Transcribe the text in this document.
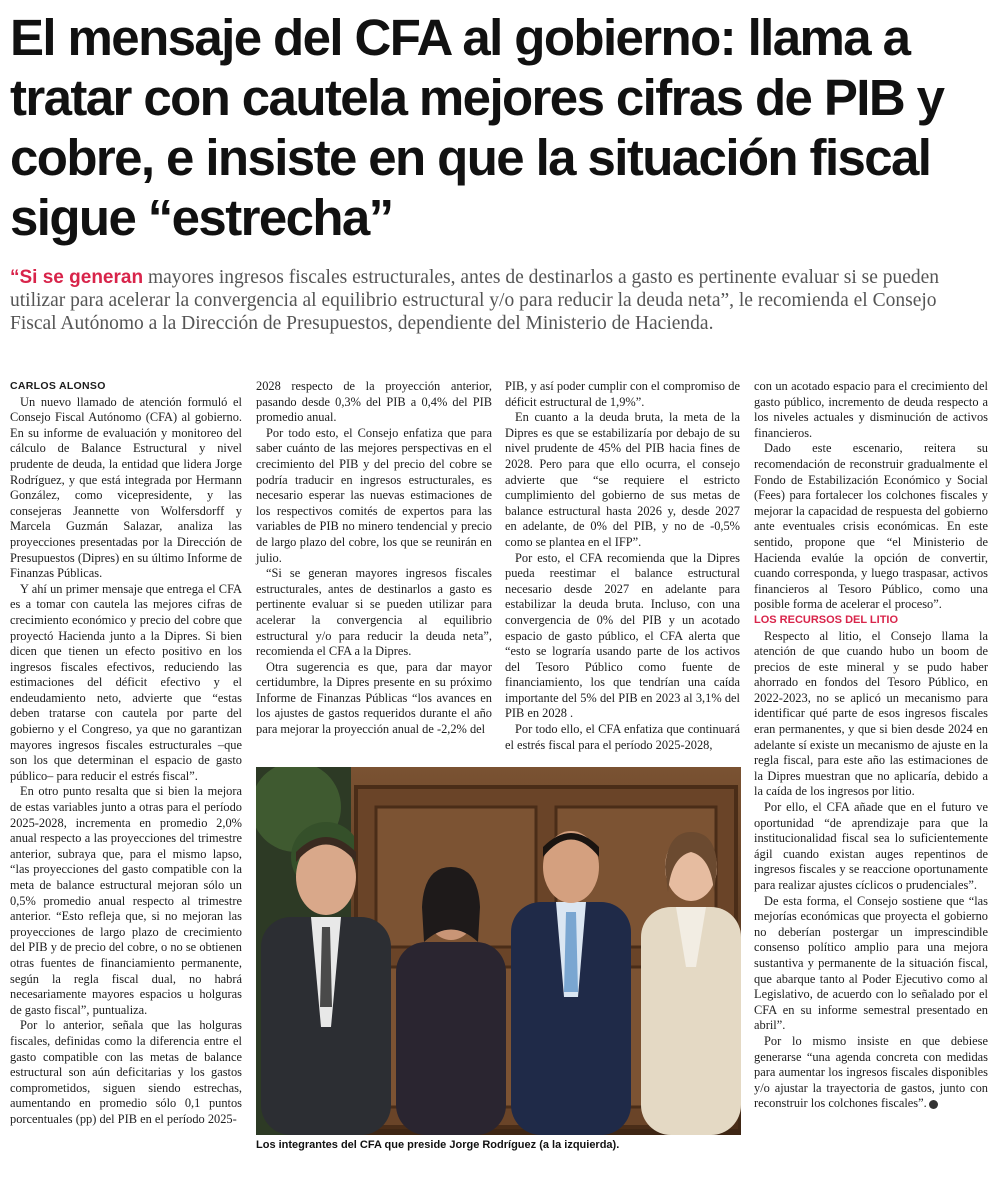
El mensaje del CFA al gobierno: llama a tratar con cautela mejores cifras de PIB y cobre, e insiste en que la situación fiscal sigue “estrecha”

“Si se generan mayores ingresos fiscales estructurales, antes de destinarlos a gasto es pertinente evaluar si se pueden utilizar para acelerar la convergencia al equilibrio estructural y/o para reducir la deuda neta”, le recomienda el Consejo Fiscal Autónomo a la Dirección de Presupuestos, dependiente del Ministerio de Hacienda.

CARLOS ALONSO

Un nuevo llamado de atención formuló el Consejo Fiscal Autónomo (CFA) al gobierno. En su informe de evaluación y monitoreo del cálculo de Balance Estructural y nivel prudente de deuda, la entidad que lidera Jorge Rodríguez, y que está integrada por Hermann González, como vicepresidente, y las consejeras Jeannette von Wolfersdorff y Marcela Guzmán Salazar, analiza las proyecciones presentadas por la Dirección de Presupuestos (Dipres) en su último Informe de Finanzas Públicas.

Y ahí un primer mensaje que entrega el CFA es a tomar con cautela las mejores cifras de crecimiento económico y precio del cobre que proyectó Hacienda junto a la Dipres. Si bien dicen que tienen un efecto positivo en los ingresos fiscales efectivos, reduciendo las estimaciones del déficit efectivo y el endeudamiento neto, advierte que “estas deben tratarse con cautela por parte del gobierno y el Congreso, ya que no garantizan mayores ingresos fiscales estructurales –que son los que determinan el espacio de gasto público– para reducir el estrés fiscal”.

En otro punto resalta que si bien la mejora de estas variables junto a otras para el período 2025-2028, incrementa en promedio 2,0% anual respecto a las proyecciones del trimestre anterior, subraya que, para el mismo lapso, “las proyecciones del gasto compatible con la meta de balance estructural mejoran sólo un 0,5% promedio anual respecto al trimestre anterior. “Esto refleja que, si no mejoran las proyecciones de largo plazo de crecimiento del PIB y de precio del cobre, o no se obtienen otras fuentes de financiamiento permanente, según la regla fiscal dual, no habrá necesariamente mayores espacios u holguras de gasto fiscal”, puntualiza.

Por lo anterior, señala que las holguras fiscales, definidas como la diferencia entre el gasto compatible con las metas de balance estructural son aún deficitarias y los gastos comprometidos, siguen siendo estrechas, aumentando en promedio sólo 0,1 puntos porcentuales (pp) del PIB en el período 2025-

2028 respecto de la proyección anterior, pasando desde 0,3% del PIB a 0,4% del PIB promedio anual.

Por todo esto, el Consejo enfatiza que para saber cuánto de las mejores perspectivas en el crecimiento del PIB y del precio del cobre se podría traducir en ingresos estructurales, es necesario esperar las nuevas estimaciones de los respectivos comités de expertos para las variables de PIB no minero tendencial y precio de largo plazo del cobre, los que se reunirán en julio.

“Si se generan mayores ingresos fiscales estructurales, antes de destinarlos a gasto es pertinente evaluar si se pueden utilizar para acelerar la convergencia al equilibrio estructural y/o para reducir la deuda neta”, recomienda el CFA a la Dipres.

Otra sugerencia es que, para dar mayor certidumbre, la Dipres presente en su próximo Informe de Finanzas Públicas “los avances en los ajustes de gastos requeridos durante el año para mejorar la proyección anual de -2,2% del

PIB, y así poder cumplir con el compromiso de déficit estructural de 1,9%”.

En cuanto a la deuda bruta, la meta de la Dipres es que se estabilizaría por debajo de su nivel prudente de 45% del PIB hacia fines de 2028. Pero para que ello ocurra, el consejo advierte que “se requiere el estricto cumplimiento del gobierno de sus metas de balance estructural hasta 2026 y, desde 2027 en adelante, de 0% del PIB, y no de -0,5% como se plantea en el IFP”.

Por esto, el CFA recomienda que la Dipres pueda reestimar el balance estructural necesario desde 2027 en adelante para estabilizar la deuda bruta. Incluso, con una convergencia de 0% del PIB y un acotado espacio de gasto público, el CFA alerta que “esto se lograría usando parte de los activos del Tesoro Público como fuente de financiamiento, los que tendrían una caída importante del 5% del PIB en 2023 al 3,1% del PIB en 2028 .

Por todo ello, el CFA enfatiza que continuará el estrés fiscal para el período 2025-2028,

con un acotado espacio para el crecimiento del gasto público, incremento de deuda respecto a los niveles actuales y disminución de activos financieros.

Dado este escenario, reitera su recomendación de reconstruir gradualmente el Fondo de Estabilización Económico y Social (Fees) para fortalecer los colchones fiscales y mejorar la capacidad de respuesta del gobierno ante eventuales crisis económicas. En este sentido, propone que “el Ministerio de Hacienda evalúe la opción de convertir, cuando corresponda, y luego traspasar, activos financieros al Tesoro Público, como una posible forma de acelerar el proceso”.

LOS RECURSOS DEL LITIO

Respecto al litio, el Consejo llama la atención de que cuando hubo un boom de precios de este mineral y se pudo haber ahorrado en fondos del Tesoro Público, en 2022-2023, no se aplicó un mecanismo para identificar qué parte de esos ingresos fiscales eran permanentes, y que si bien desde 2024 en adelante sí existe un mecanismo de ajuste en la regla fiscal, para este año las estimaciones de la Dipres muestran que no aplicaría, debido a la caída de los ingresos por litio.

Por ello, el CFA añade que en el futuro ve oportunidad “de aprendizaje para que la institucionalidad fiscal sea lo suficientemente ágil cuando existan auges repentinos de ingresos fiscales y se reaccione oportunamente para realizar ajustes cíclicos o prudenciales”.

De esta forma, el Consejo sostiene que “las mejorías económicas que proyecta el gobierno no deberían postergar un imprescindible consenso político amplio para una mejora sustantiva y permanente de la situación fiscal, que abarque tanto al Poder Ejecutivo como al Legislativo, de acuerdo con lo señalado por el CFA en su informe semestral presentado en abril”.

Por lo mismo insiste en que debiese generarse “una agenda concreta con medidas para aumentar los ingresos fiscales disponibles y/o ajustar la trayectoria de gastos, junto con reconstruir los colchones fiscales”.

Los integrantes del CFA que preside Jorge Rodríguez (a la izquierda).
